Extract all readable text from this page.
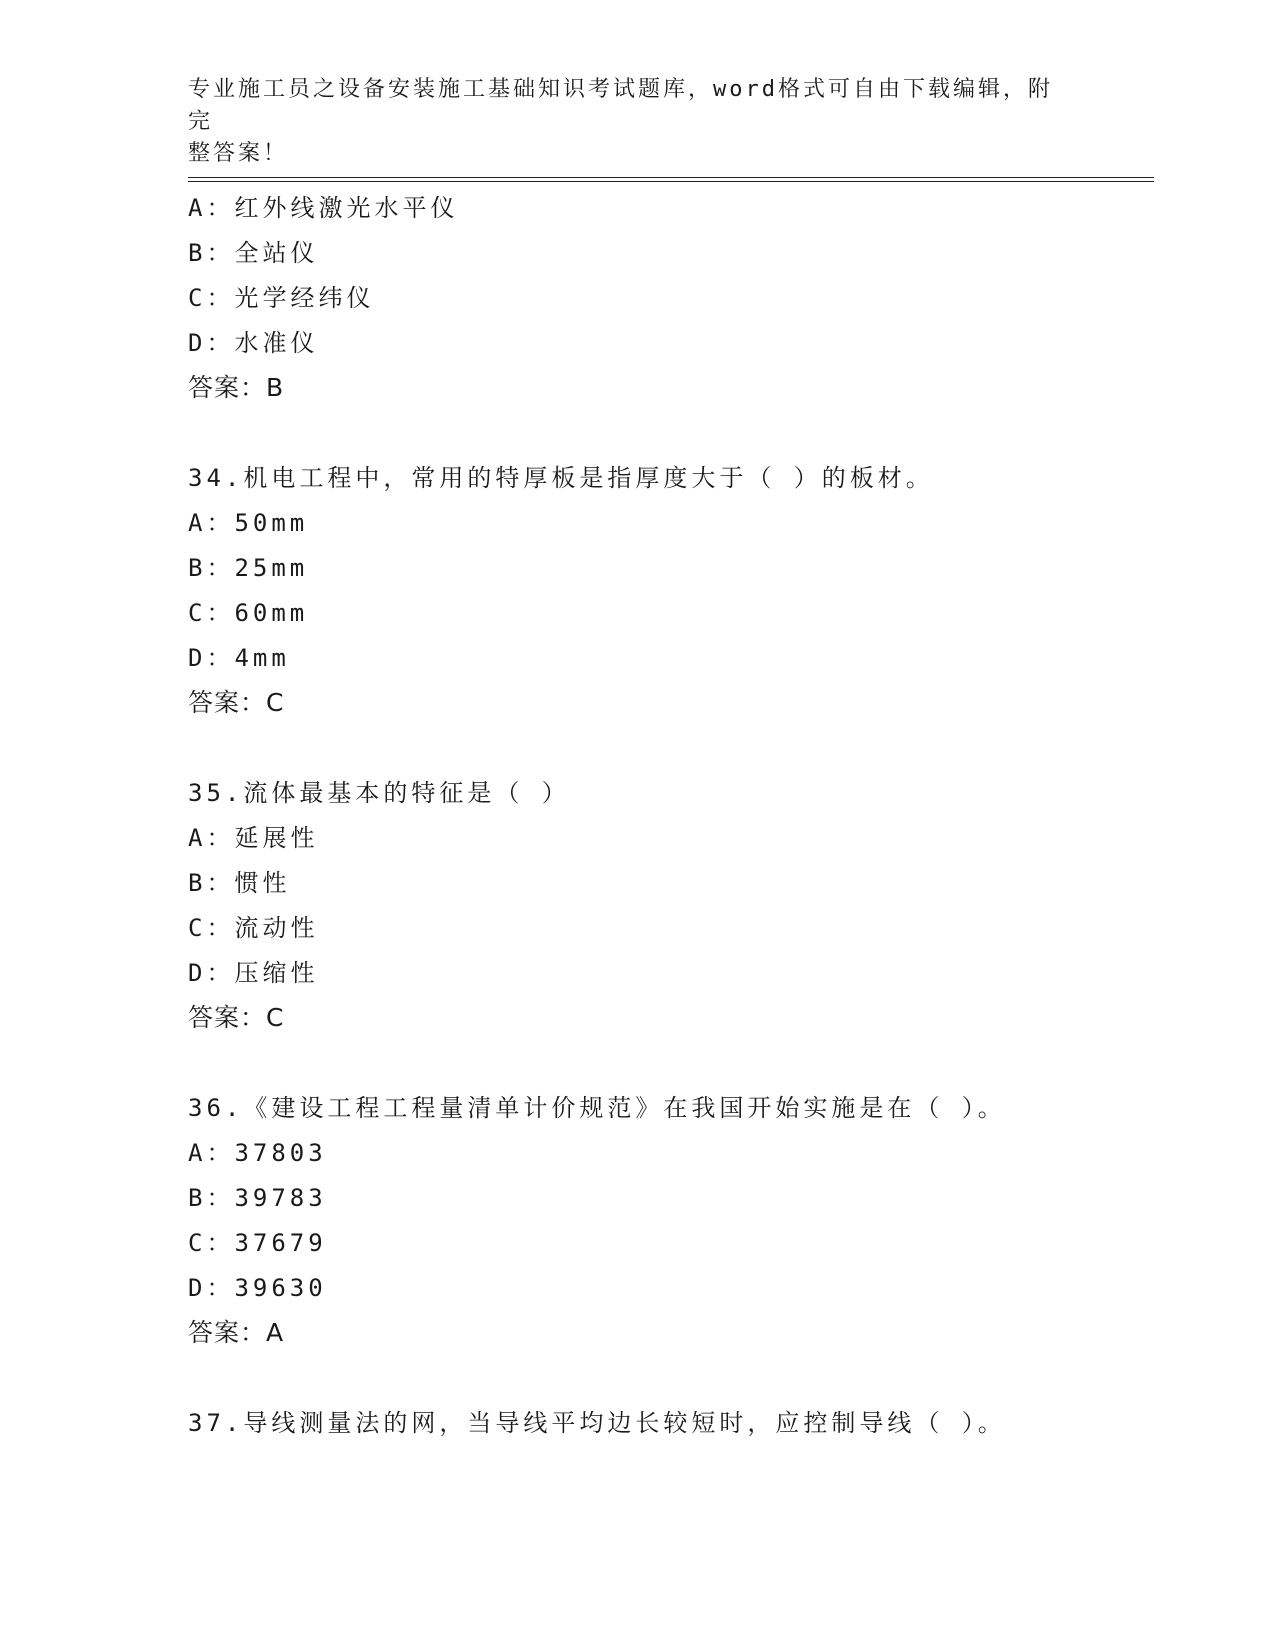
专业施工员之设备安装施工基础知识考试题库，word格式可自由下载编辑，附完
整答案！
A：红外线激光水平仪
B：全站仪
C：光学经纬仪
D：水准仪
答案：B
34.机电工程中，常用的特厚板是指厚度大于（ ）的板材。
A：50mm
B：25mm
C：60mm
D：4mm
答案：C
35.流体最基本的特征是（ ）
A：延展性
B：惯性
C：流动性
D：压缩性
答案：C
36.《建设工程工程量清单计价规范》在我国开始实施是在（ ）。
A：37803
B：39783
C：37679
D：39630
答案：A
37.导线测量法的网，当导线平均边长较短时，应控制导线（ ）。
